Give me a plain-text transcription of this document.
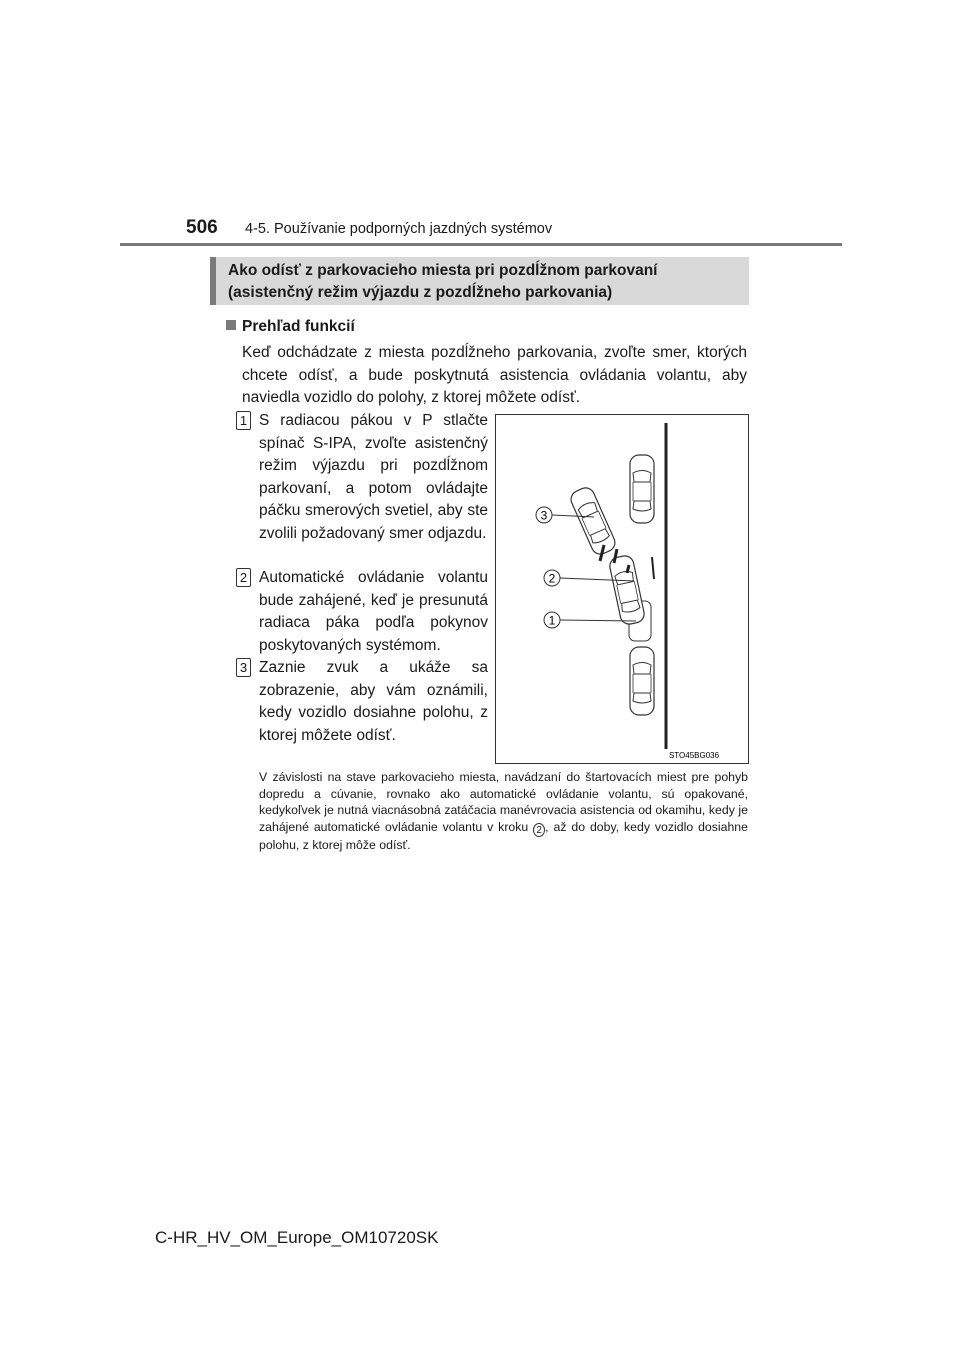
506 4-5. Používanie podporných jazdných systémov
Ako odísť z parkovacieho miesta pri pozdĺžnom parkovaní
(asistenčný režim výjazdu z pozdĺžneho parkovania)
Prehľad funkcií
Keď odchádzate z miesta pozdĺžneho parkovania, zvoľte smer, ktorých chcete odísť, a bude poskytnutá asistencia ovládania volantu, aby naviedla vozidlo do polohy, z ktorej môžete odísť.
1 S radiacou pákou v P stlačte spínač S-IPA, zvoľte asistenčný režim výjazdu pri pozdĺžnom parkovaní, a potom ovládajte páčku smerových svetiel, aby ste zvolili požadovaný smer odjazdu.
2 Automatické ovládanie volantu bude zahájené, keď je presunutá radiaca páka podľa pokynov poskytovaných systémom.
3 Zaznie zvuk a ukáže sa zobrazenie, aby vám oznámili, kedy vozidlo dosiahne polohu, z ktorej môžete odísť.
3
2
1
STO45BG036
V závislosti na stave parkovacieho miesta, navádzaní do štartovacích miest pre pohyb dopredu a cúvanie, rovnako ako automatické ovládanie volantu, sú opakované, kedykoľvek je nutná viacnásobná zatáčacia manévrovacia asistencia od okamihu, kedy je zahájené automatické ovládanie volantu v kroku 2 , až do doby, kedy vozidlo dosiahne polohu, z ktorej môže odísť.
C-HR_HV_OM_Europe_OM10720SK
